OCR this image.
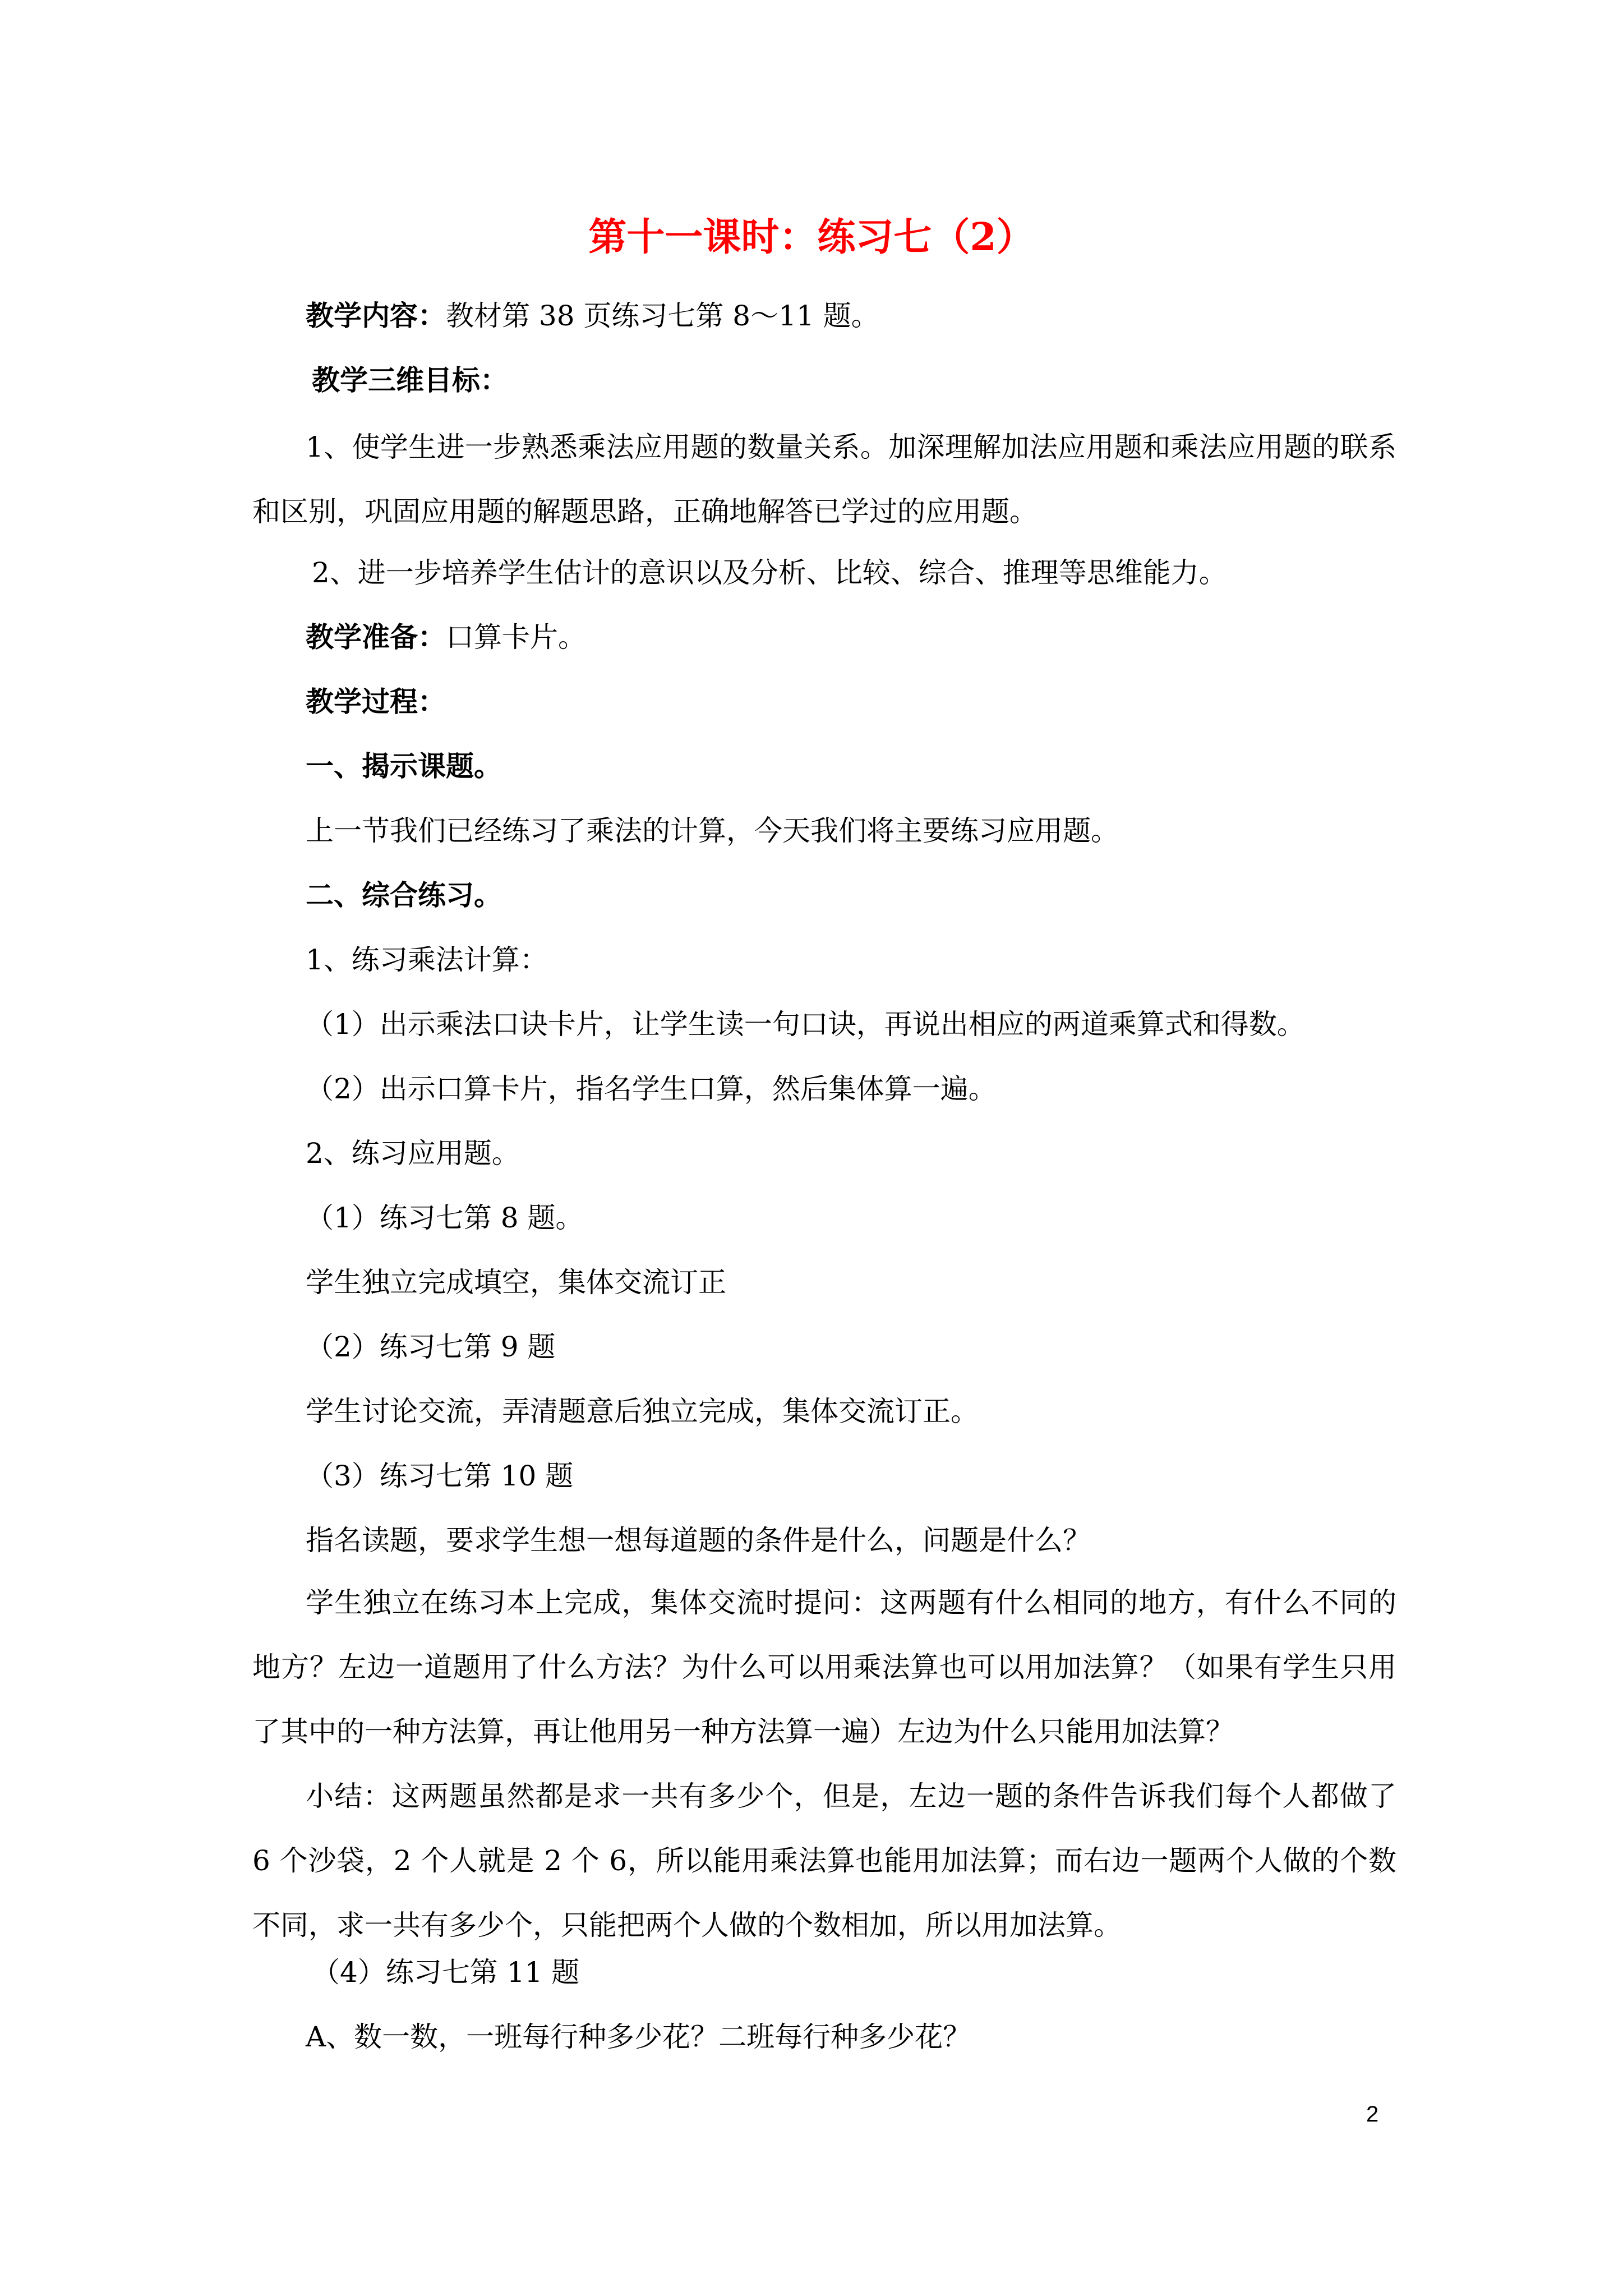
第十一课时：练习七（2）
教学内容：教材第 38 页练习七第 8～11 题。
教学三维目标：
1、使学生进一步熟悉乘法应用题的数量关系。加深理解加法应用题和乘法应用题的联系和区别，巩固应用题的解题思路，正确地解答已学过的应用题。
2、进一步培养学生估计的意识以及分析、比较、综合、推理等思维能力。
教学准备：口算卡片。
教学过程：
一、揭示课题。
上一节我们已经练习了乘法的计算，今天我们将主要练习应用题。
二、综合练习。
1、练习乘法计算：
（1）出示乘法口诀卡片，让学生读一句口诀，再说出相应的两道乘算式和得数。
（2）出示口算卡片，指名学生口算，然后集体算一遍。
2、练习应用题。
（1）练习七第 8 题。
学生独立完成填空，集体交流订正
（2）练习七第 9 题
学生讨论交流，弄清题意后独立完成，集体交流订正。
（3）练习七第 10 题
指名读题，要求学生想一想每道题的条件是什么，问题是什么？
学生独立在练习本上完成，集体交流时提问：这两题有什么相同的地方，有什么不同的地方？左边一道题用了什么方法？为什么可以用乘法算也可以用加法算？（如果有学生只用了其中的一种方法算，再让他用另一种方法算一遍）左边为什么只能用加法算？
小结：这两题虽然都是求一共有多少个，但是，左边一题的条件告诉我们每个人都做了 6 个沙袋，2 个人就是 2 个 6，所以能用乘法算也能用加法算；而右边一题两个人做的个数不同，求一共有多少个，只能把两个人做的个数相加，所以用加法算。
（4）练习七第 11 题
A、数一数，一班每行种多少花？二班每行种多少花？
2
